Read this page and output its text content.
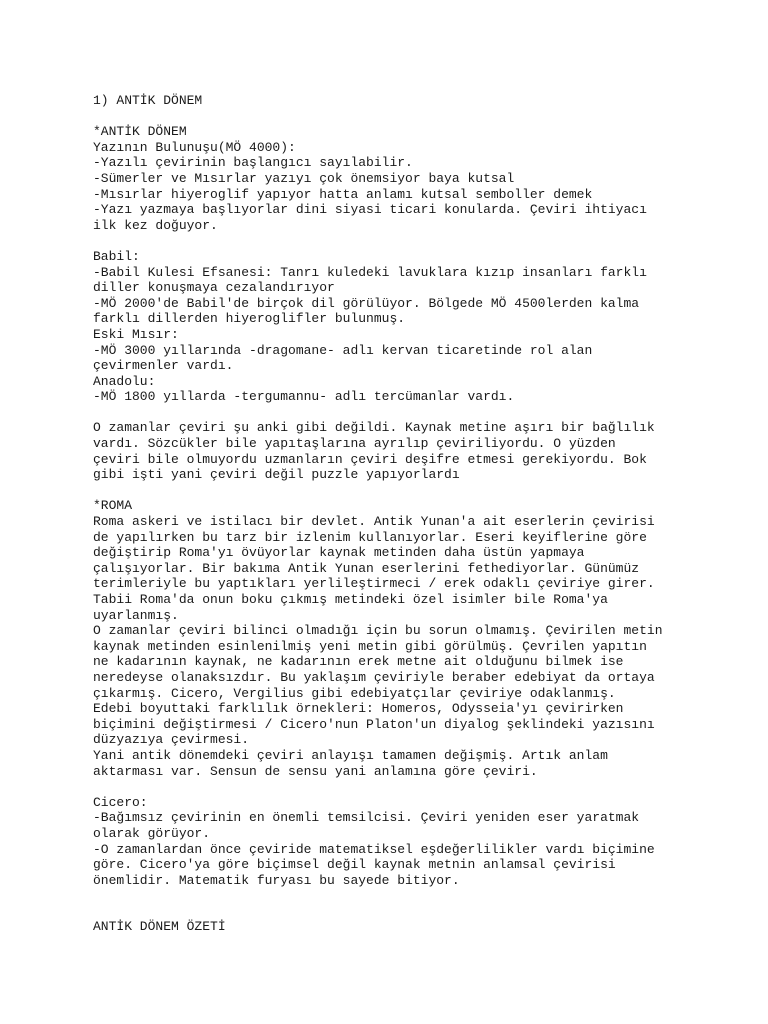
1) ANTİK DÖNEM
*ANTİK DÖNEM
Yazının Bulunuşu(MÖ 4000):
-Yazılı çevirinin başlangıcı sayılabilir.
-Sümerler ve Mısırlar yazıyı çok önemsiyor baya kutsal
-Mısırlar hiyeroglif yapıyor hatta anlamı kutsal semboller demek
-Yazı yazmaya başlıyorlar dini siyasi ticari konularda. Çeviri ihtiyacı
ilk kez doğuyor.
Babil:
-Babil Kulesi Efsanesi: Tanrı kuledeki lavuklara kızıp insanları farklı
diller konuşmaya cezalandırıyor
-MÖ 2000'de Babil'de birçok dil görülüyor. Bölgede MÖ 4500lerden kalma
farklı dillerden hiyeroglifler bulunmuş.
Eski Mısır:
-MÖ 3000 yıllarında -dragomane- adlı kervan ticaretinde rol alan
çevirmenler vardı.
Anadolu:
-MÖ 1800 yıllarda -tergumannu- adlı tercümanlar vardı.
O zamanlar çeviri şu anki gibi değildi. Kaynak metine aşırı bir bağlılık
vardı. Sözcükler bile yapıtaşlarına ayrılıp çeviriliyordu. O yüzden
çeviri bile olmuyordu uzmanların çeviri deşifre etmesi gerekiyordu. Bok
gibi işti yani çeviri değil puzzle yapıyorlardı
*ROMA
Roma askeri ve istilacı bir devlet. Antik Yunan'a ait eserlerin çevirisi
de yapılırken bu tarz bir izlenim kullanıyorlar. Eseri keyiflerine göre
değiştirip Roma'yı övüyorlar kaynak metinden daha üstün yapmaya
çalışıyorlar. Bir bakıma Antik Yunan eserlerini fethediyorlar. Günümüz
terimleriyle bu yaptıkları yerlileştirmeci / erek odaklı çeviriye girer.
Tabii Roma'da onun boku çıkmış metindeki özel isimler bile Roma'ya
uyarlanmış.
O zamanlar çeviri bilinci olmadığı için bu sorun olmamış. Çevirilen metin
kaynak metinden esinlenilmiş yeni metin gibi görülmüş. Çevrilen yapıtın
ne kadarının kaynak, ne kadarının erek metne ait olduğunu bilmek ise
neredeyse olanaksızdır. Bu yaklaşım çeviriyle beraber edebiyat da ortaya
çıkarmış. Cicero, Vergilius gibi edebiyatçılar çeviriye odaklanmış.
Edebi boyuttaki farklılık örnekleri: Homeros, Odysseia'yı çevirirken
biçimini değiştirmesi / Cicero'nun Platon'un diyalog şeklindeki yazısını
düzyazıya çevirmesi.
Yani antik dönemdeki çeviri anlayışı tamamen değişmiş. Artık anlam
aktarması var. Sensun de sensu yani anlamına göre çeviri.
Cicero:
-Bağımsız çevirinin en önemli temsilcisi. Çeviri yeniden eser yaratmak
olarak görüyor.
-O zamanlardan önce çeviride matematiksel eşdeğerlilikler vardı biçimine
göre. Cicero'ya göre biçimsel değil kaynak metnin anlamsal çevirisi
önemlidir. Matematik furyası bu sayede bitiyor.
ANTİK DÖNEM ÖZETİ
